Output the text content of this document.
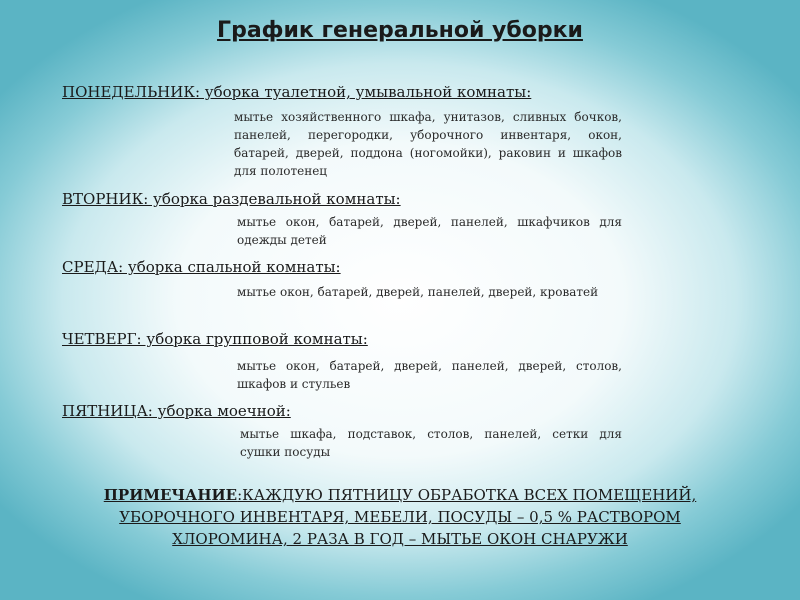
График генеральной уборки

ПОНЕДЕЛЬНИК: уборка туалетной, умывальной комнаты:

мытье хозяйственного шкафа, унитазов, сливных бочков, панелей, перегородки, уборочного инвентаря, окон, батарей, дверей, поддона (ногомойки), раковин и шкафов для полотенец

ВТОРНИК: уборка раздевальной комнаты:

мытье окон, батарей, дверей, панелей, шкафчиков для одежды детей

СРЕДА: уборка спальной комнаты:

мытье окон, батарей, дверей, панелей, дверей, кроватей

ЧЕТВЕРГ: уборка групповой комнаты:

мытье окон, батарей, дверей, панелей, дверей, столов, шкафов и стульев

ПЯТНИЦА: уборка моечной:

мытье шкафа, подставок, столов, панелей, сетки для сушки посуды

ПРИМЕЧАНИЕ:КАЖДУЮ ПЯТНИЦУ ОБРАБОТКА ВСЕХ ПОМЕЩЕНИЙ, УБОРОЧНОГО ИНВЕНТАРЯ, МЕБЕЛИ, ПОСУДЫ – 0,5 % РАСТВОРОМ ХЛОРОМИНА, 2 РАЗА В ГОД – МЫТЬЕ ОКОН СНАРУЖИ
